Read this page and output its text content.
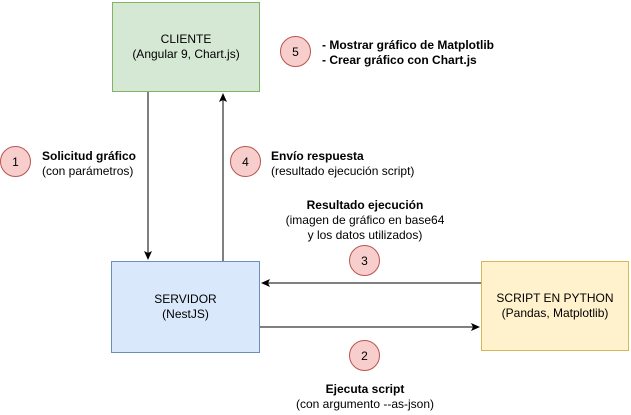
CLIENTE
(Angular 9, Chart.js)
SERVIDOR
(NestJS)
SCRIPT EN PYTHON
(Pandas, Matplotlib)
1
2
3
4
5
Solicitud gráfico
(con parámetros)
Envío respuesta
(resultado ejecución script)
Resultado ejecución
(imagen de gráfico en base64
y los datos utilizados)
Ejecuta script
(con argumento --as-json)
- Mostrar gráfico de Matplotlib
- Crear gráfico con Chart.js
